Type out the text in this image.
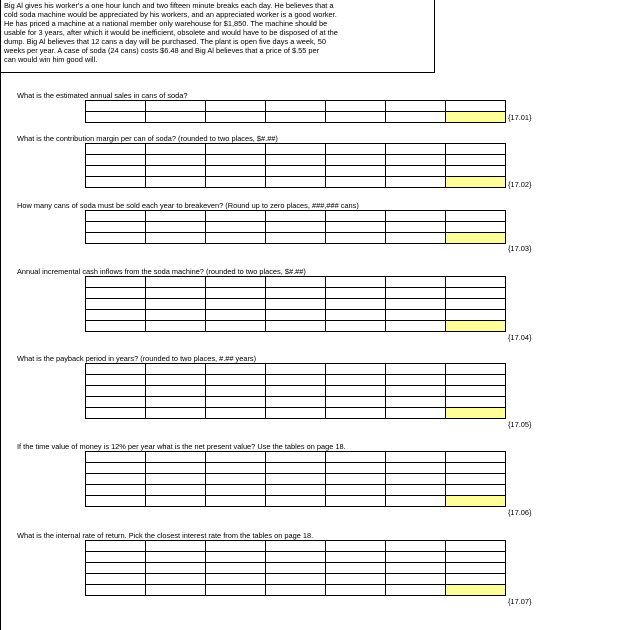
Big Al gives his worker's a one hour lunch and two fifteen minute breaks each day. He believes that a
cold soda machine would be appreciated by his workers, and an appreciated worker is a good worker.
He has priced a machine at a national member only warehouse for $1,850. The machine should be
usable for 3 years, after which it would be inefficient, obsolete and would have to be disposed of at the
dump. Big Al believes that 12 cans a day will be purchased. The plant is open five days a week, 50
weeks per year. A case of soda (24 cans) costs $6.48 and Big Al believes that a price of $.55 per
can would win him good will.
What is the estimated annual sales in cans of soda?

{17.01}
What is the contribution margin per can of soda? (rounded to two places, $#.##)

{17.02}
How many cans of soda must be sold each year to breakeven? (Round up to zero places, ###,### cans)

{17.03}
Annual incremental cash inflows from the soda machine? (rounded to two places, $#.##)

{17.04}
What is the payback period in years? (rounded to two places, #.## years)

{17.05}
If the time value of money is 12% per year what is the net present value? Use the tables on page 18.

{17.06}
What is the internal rate of return. Pick the closest interest rate from the tables on page 18.

{17.07}
